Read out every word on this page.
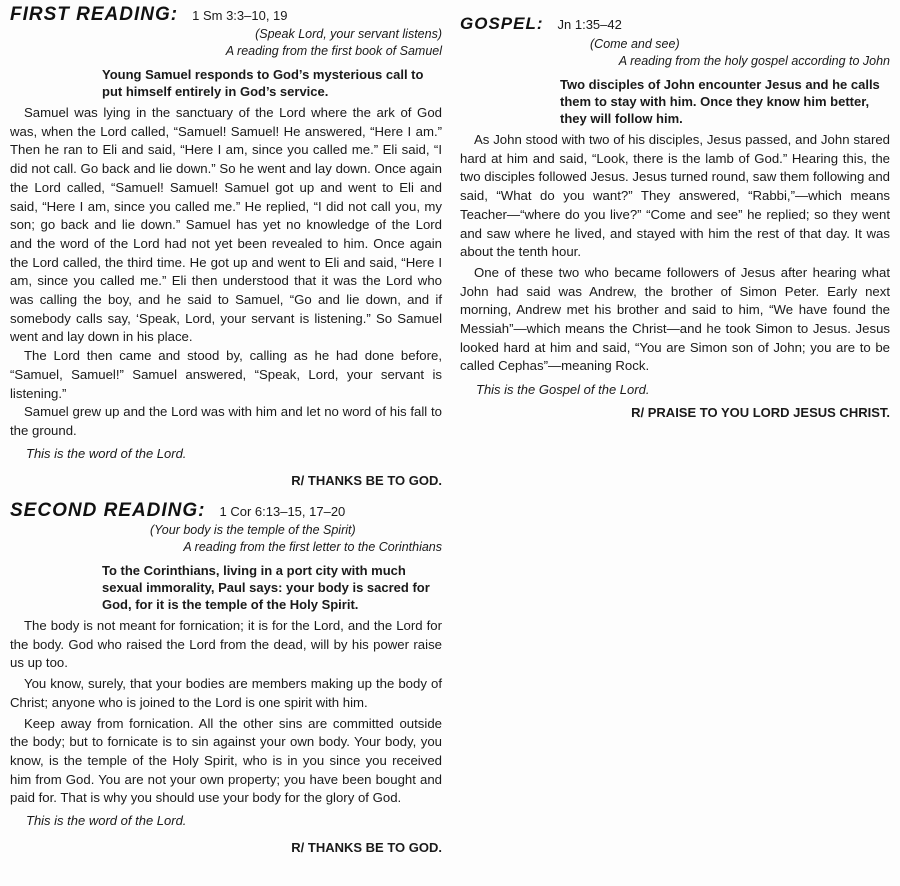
FIRST READING: 1 Sm 3:3–10, 19
(Speak Lord, your servant listens)
A reading from the first book of Samuel
Young Samuel responds to God’s mysterious call to put himself entirely in God’s service.

Samuel was lying in the sanctuary of the Lord where the ark of God was, when the Lord called, “Samuel! Samuel! He answered, “Here I am.” Then he ran to Eli and said, “Here I am, since you called me.” Eli said, “I did not call. Go back and lie down.” So he went and lay down. Once again the Lord called, “Samuel! Samuel! Samuel got up and went to Eli and said, “Here I am, since you called me.” He replied, “I did not call you, my son; go back and lie down.” Samuel has yet no knowledge of the Lord and the word of the Lord had not yet been revealed to him. Once again the Lord called, the third time. He got up and went to Eli and said, “Here I am, since you called me.” Eli then understood that it was the Lord who was calling the boy, and he said to Samuel, “Go and lie down, and if somebody calls say, ‘Speak, Lord, your servant is listening.” So Samuel went and lay down in his place.

The Lord then came and stood by, calling as he had done before, “Samuel, Samuel!” Samuel answered, “Speak, Lord, your servant is listening.”

Samuel grew up and the Lord was with him and let no word of his fall to the ground.

This is the word of the Lord.
R/ THANKS BE TO GOD.
SECOND READING: 1 Cor 6:13–15, 17–20
(Your body is the temple of the Spirit)
A reading from the first letter to the Corinthians
To the Corinthians, living in a port city with much sexual immorality, Paul says: your body is sacred for God, for it is the temple of the Holy Spirit.

The body is not meant for fornication; it is for the Lord, and the Lord for the body. God who raised the Lord from the dead, will by his power raise us up too.

You know, surely, that your bodies are members making up the body of Christ; anyone who is joined to the Lord is one spirit with him.

Keep away from fornication. All the other sins are committed outside the body; but to fornicate is to sin against your own body. Your body, you know, is the temple of the Holy Spirit, who is in you since you received him from God. You are not your own property; you have been bought and paid for. That is why you should use your body for the glory of God.

This is the word of the Lord.
R/ THANKS BE TO GOD.
GOSPEL: Jn 1:35–42
(Come and see)
A reading from the holy gospel according to John
Two disciples of John encounter Jesus and he calls them to stay with him. Once they know him better, they will follow him.

As John stood with two of his disciples, Jesus passed, and John stared hard at him and said, “Look, there is the lamb of God.” Hearing this, the two disciples followed Jesus. Jesus turned round, saw them following and said, “What do you want?” They answered, “Rabbi,”—which means Teacher—“where do you live?” “Come and see” he replied; so they went and saw where he lived, and stayed with him the rest of that day. It was about the tenth hour.

One of these two who became followers of Jesus after hearing what John had said was Andrew, the brother of Simon Peter. Early next morning, Andrew met his brother and said to him, “We have found the Messiah”—which means the Christ—and he took Simon to Jesus. Jesus looked hard at him and said, “You are Simon son of John; you are to be called Cephas”—meaning Rock.

This is the Gospel of the Lord.
R/ PRAISE TO YOU LORD JESUS CHRIST.
